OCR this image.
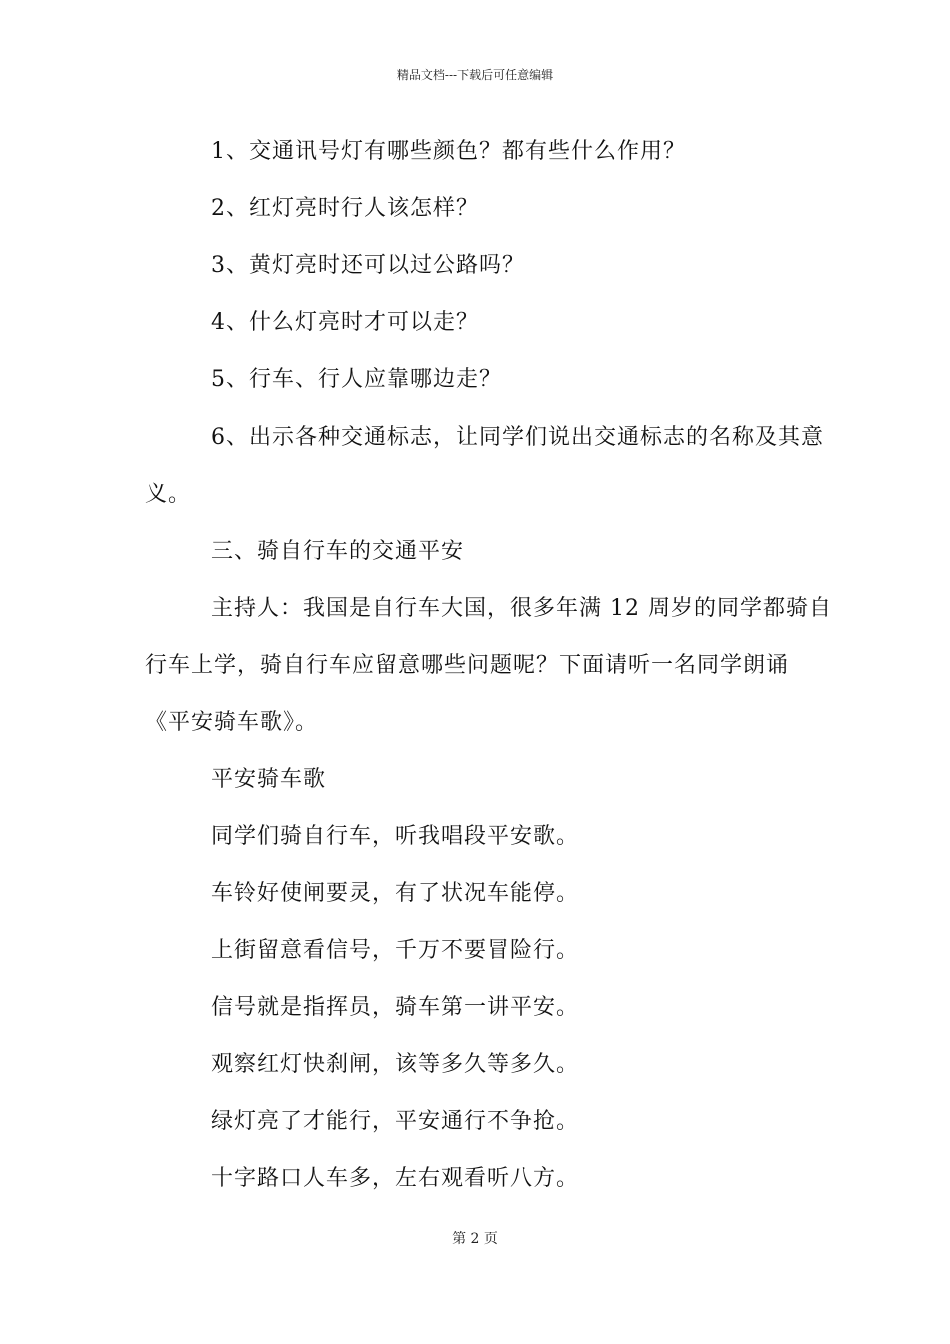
精品文档---下载后可任意编辑
1、交通讯号灯有哪些颜色？都有些什么作用？
2、红灯亮时行人该怎样？
3、黄灯亮时还可以过公路吗？
4、什么灯亮时才可以走？
5、行车、行人应靠哪边走？
6、出示各种交通标志，让同学们说出交通标志的名称及其意
义。
三、骑自行车的交通平安
主持人：我国是自行车大国，很多年满 12 周岁的同学都骑自
行车上学，骑自行车应留意哪些问题呢？下面请听一名同学朗诵
《平安骑车歌》。
平安骑车歌
同学们骑自行车，听我唱段平安歌。
车铃好使闸要灵，有了状况车能停。
上街留意看信号，千万不要冒险行。
信号就是指挥员，骑车第一讲平安。
观察红灯快刹闸，该等多久等多久。
绿灯亮了才能行，平安通行不争抢。
十字路口人车多，左右观看听八方。
第 2 页
